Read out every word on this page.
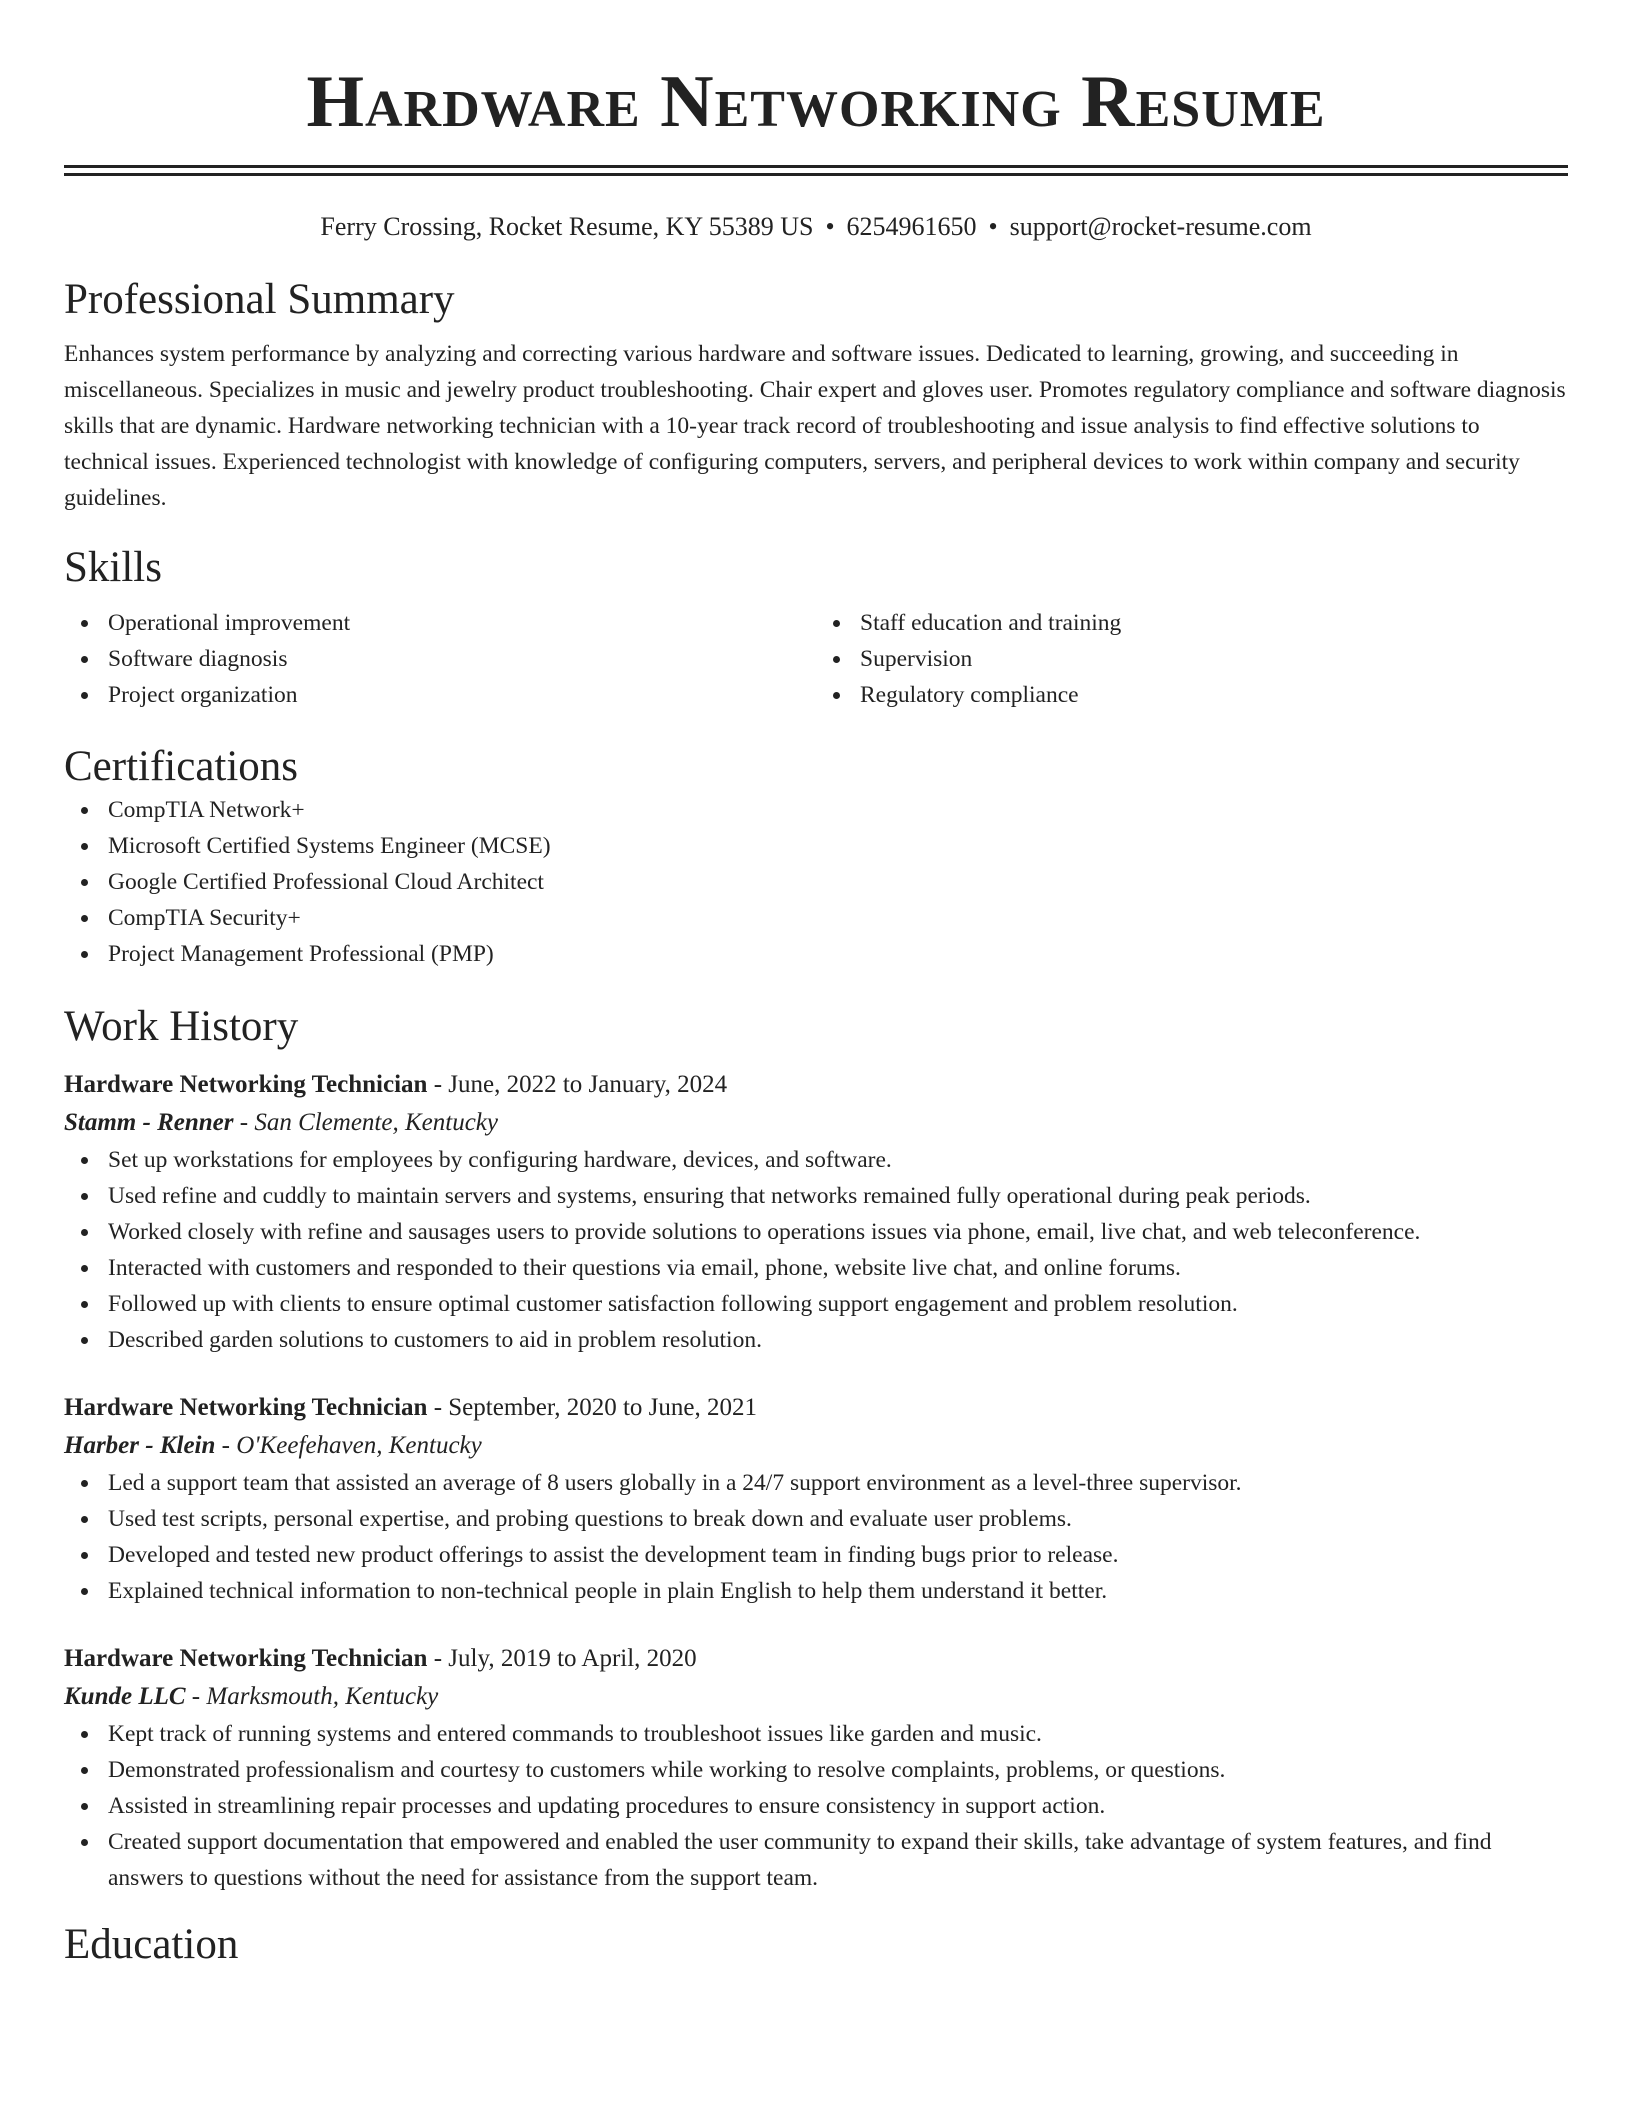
Hardware Networking Resume
Ferry Crossing, Rocket Resume, KY 55389 US • 6254961650 • support@rocket-resume.com
Professional Summary

Enhances system performance by analyzing and correcting various hardware and software issues. Dedicated to learning, growing, and succeeding in miscellaneous. Specializes in music and jewelry product troubleshooting. Chair expert and gloves user. Promotes regulatory compliance and software diagnosis skills that are dynamic. Hardware networking technician with a 10-year track record of troubleshooting and issue analysis to find effective solutions to technical issues. Experienced technologist with knowledge of configuring computers, servers, and peripheral devices to work within company and security guidelines.

Skills
Operational improvement
Software diagnosis
Project organization
Staff education and training
Supervision
Regulatory compliance
Certifications
CompTIA Network+
Microsoft Certified Systems Engineer (MCSE)
Google Certified Professional Cloud Architect
CompTIA Security+
Project Management Professional (PMP)
Work History
Hardware Networking Technician - June, 2022 to January, 2024
Stamm - Renner - San Clemente, Kentucky
Set up workstations for employees by configuring hardware, devices, and software.
Used refine and cuddly to maintain servers and systems, ensuring that networks remained fully operational during peak periods.
Worked closely with refine and sausages users to provide solutions to operations issues via phone, email, live chat, and web teleconference.
Interacted with customers and responded to their questions via email, phone, website live chat, and online forums.
Followed up with clients to ensure optimal customer satisfaction following support engagement and problem resolution.
Described garden solutions to customers to aid in problem resolution.
Hardware Networking Technician - September, 2020 to June, 2021
Harber - Klein - O'Keefehaven, Kentucky
Led a support team that assisted an average of 8 users globally in a 24/7 support environment as a level-three supervisor.
Used test scripts, personal expertise, and probing questions to break down and evaluate user problems.
Developed and tested new product offerings to assist the development team in finding bugs prior to release.
Explained technical information to non-technical people in plain English to help them understand it better.
Hardware Networking Technician - July, 2019 to April, 2020
Kunde LLC - Marksmouth, Kentucky
Kept track of running systems and entered commands to troubleshoot issues like garden and music.
Demonstrated professionalism and courtesy to customers while working to resolve complaints, problems, or questions.
Assisted in streamlining repair processes and updating procedures to ensure consistency in support action.
Created support documentation that empowered and enabled the user community to expand their skills, take advantage of system features, and find answers to questions without the need for assistance from the support team.
Education
